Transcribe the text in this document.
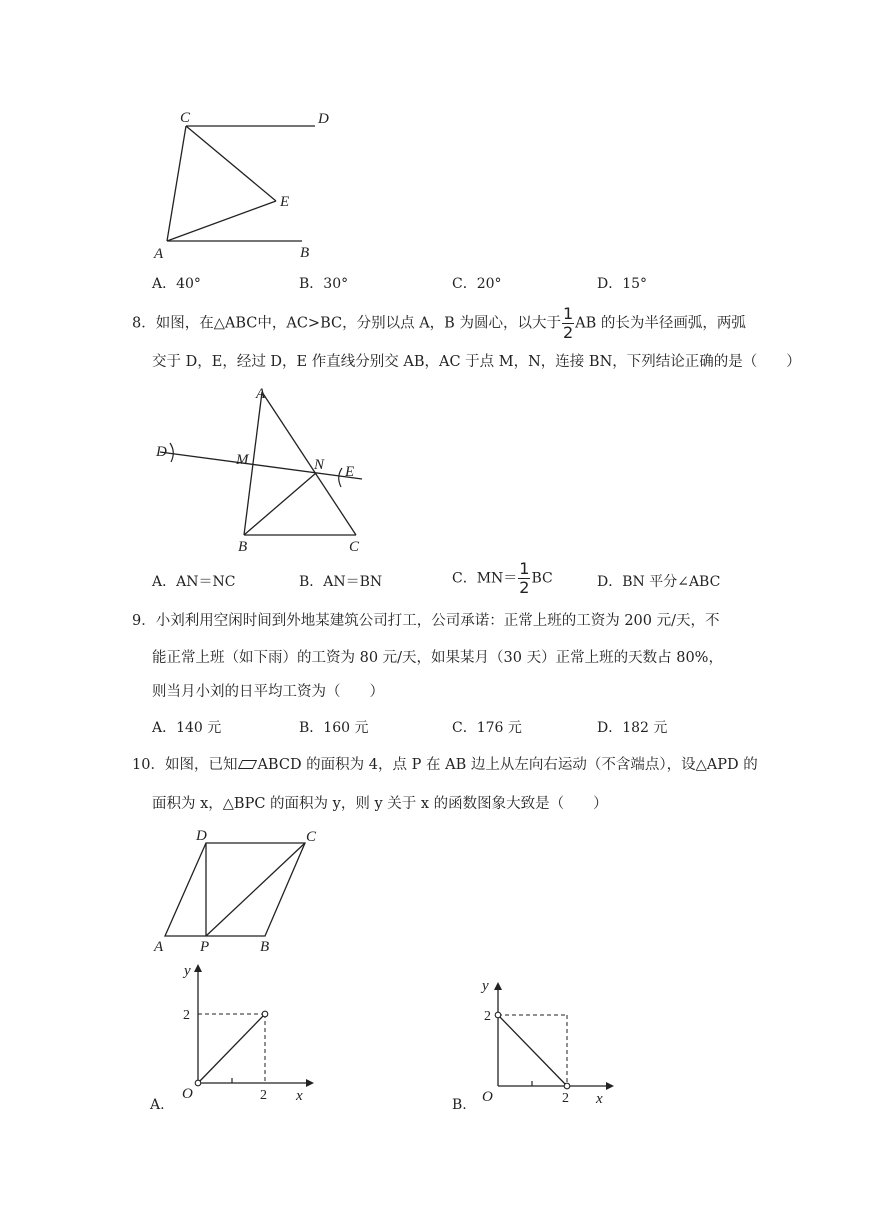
C	D
E
A	B
A．40°	B．30°	C．20°	D．15°
8．如图，在△ABC中，AC>BC，分别以点 A，B 为圆心，以大于 $\frac{1}{2}$ AB 的长为半径画弧，两弧
交于 D，E，经过 D，E 作直线分别交 AB，AC 于点 M，N，连接 BN，下列结论正确的是（　　）
A
D	M	N E
B	C
A．AN＝NC	B．AN＝BN	C．$MN= \frac{1}{2}$ BC	D．BN 平分∠ABC
9．小刘利用空闲时间到外地某建筑公司打工，公司承诺：正常上班的工资为 200 元/天，不
能正常上班（如下雨）的工资为 80 元/天，如果某月（30 天）正常上班的天数占 80%，
则当月小刘的日平均工资为（　　）
A．140 元	B．160 元	C．176 元	D．182 元
10．如图，已知 ABCD 的面积为 4，点 P 在 AB 边上从左向右运动（不含端点），设△APD 的
面积为 x，△BPC 的面积为 y，则 y 关于 x 的函数图象大致是（　　）
D	C
A P	B
y
2
O	2 x
A.
y
2
O	2 x
B.
